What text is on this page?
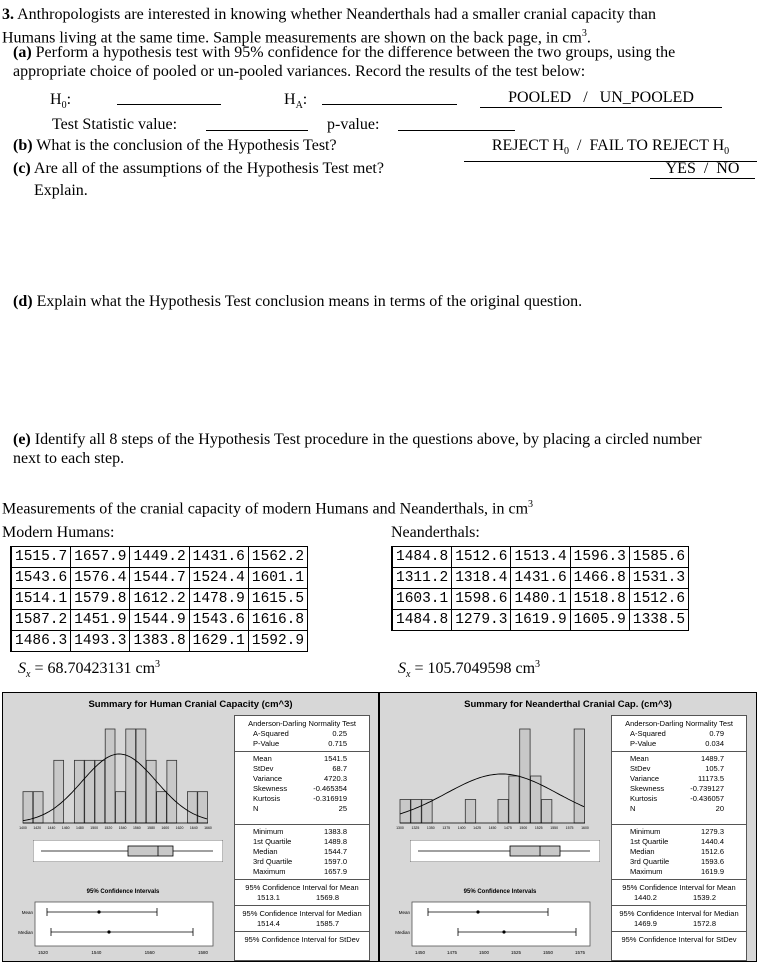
3. Anthropologists are interested in knowing whether Neanderthals had a smaller cranial capacity than
Humans living at the same time. Sample measurements are shown on the back page, in $cm^3$.
(a) Perform a hypothesis test with 95% confidence for the difference between the two groups, using the
appropriate choice of pooled or un-pooled variances. Record the results of the test below:
$H_0$:	$H_A$:	POOLED   /   UN_POOLED
Test Statistic value:	p-value:
(b) What is the conclusion of the Hypothesis Test?	REJECT $H_0$  /  FAIL TO REJECT $H_0$
(c) Are all of the assumptions of the Hypothesis Test met?	YES  /  NO
Explain.
(d) Explain what the Hypothesis Test conclusion means in terms of the original question.
(e) Identify all 8 steps of the Hypothesis Test procedure in the questions above, by placing a circled number
next to each step.
Measurements of the cranial capacity of modern Humans and Neanderthals, in $cm^3$
Modern Humans:	Neanderthals:
1515.7	1657.9	1449.2	1431.6	1562.2
1543.6	1576.4	1544.7	1524.4	1601.1
1514.1	1579.8	1612.2	1478.9	1615.5
1587.2	1451.9	1544.9	1543.6	1616.8
1486.3	1493.3	1383.8	1629.1	1592.9
1484.8	1512.6	1513.4	1596.3	1585.6
1311.2	1318.4	1431.6	1466.8	1531.3
1603.1	1598.6	1480.1	1518.8	1512.6
1484.8	1279.3	1619.9	1605.9	1338.5
$S_x = 68.70423131$ $cm^3$	$S_x = 105.7049598$ $cm^3$
Summary for Human Cranial Capacity (cm^3)
1400 1420 1440 1460 1480 1500 1520 1540 1560 1580 1600 1620 1640 1660
95% Confidence Intervals
Mean
Median
1520	1540	1560	1580
Anderson-Darling Normality Test
A-Squared	0.25
P-Value	0.715
Mean	1541.5
StDev	68.7
Variance	4720.3
Skewness	-0.465354
Kurtosis	-0.316919
N	25
Minimum	1383.8
1st Quartile	1489.8
Median	1544.7
3rd Quartile	1597.0
Maximum	1657.9
95% Confidence Interval for Mean
1513.1	1569.8
95% Confidence Interval for Median
1514.4	1585.7
95% Confidence Interval for StDev
Summary for Neanderthal Cranial Cap. (cm^3)
1300 1325 1350 1375 1400 1425 1450 1475 1500 1525 1550 1575 1600
95% Confidence Intervals
Mean
Median
1450	1475	1500	1525	1550	1575
Anderson-Darling Normality Test
A-Squared	0.79
P-Value	0.034
Mean	1489.7
StDev	105.7
Variance	11173.5
Skewness	-0.739127
Kurtosis	-0.436057
N	20
Minimum	1279.3
1st Quartile	1440.4
Median	1512.6
3rd Quartile	1593.6
Maximum	1619.9
95% Confidence Interval for Mean
1440.2	1539.2
95% Confidence Interval for Median
1469.9	1572.8
95% Confidence Interval for StDev
